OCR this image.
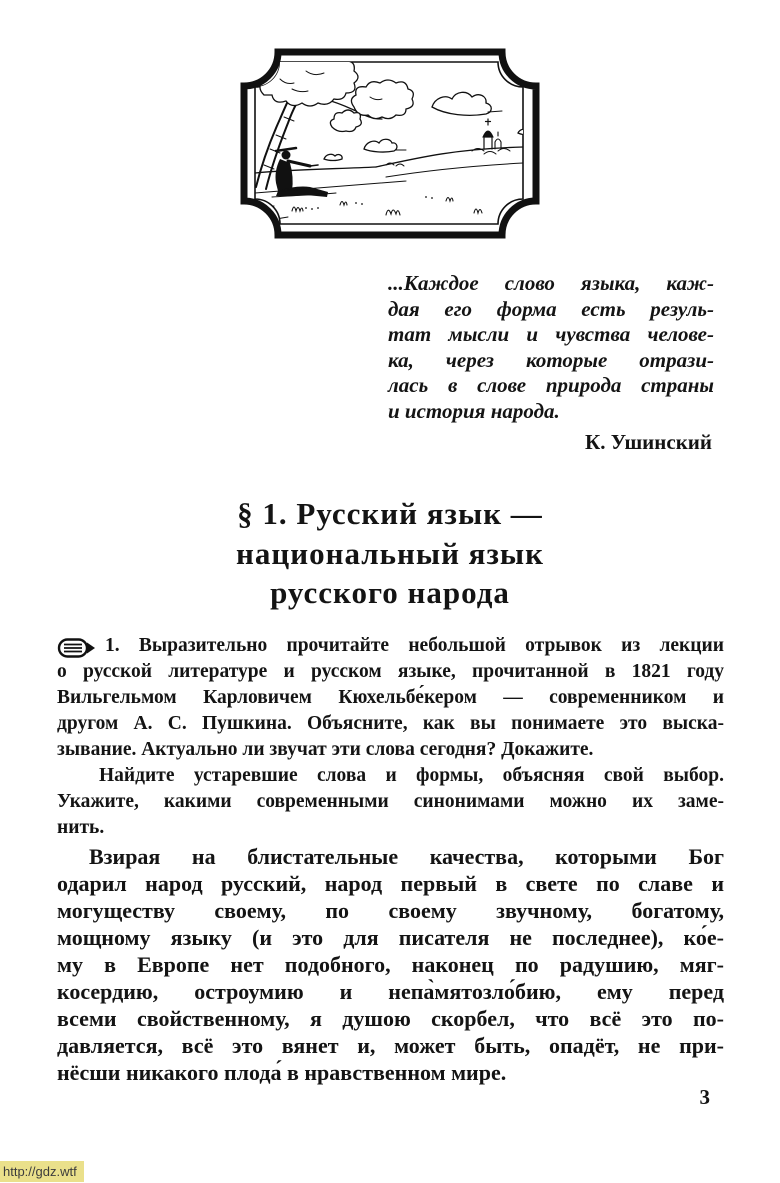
...Каждое слово языка, каж-
дая его форма есть резуль-
тат мысли и чувства челове-
ка, через которые отрази-
лась в слове природа страны
и история народа.
К. Ушинский
§ 1. Русский язык —
национальный язык
русского народа
1. Выразительно прочитайте небольшой отрывок из лекции
о русской литературе и русском языке, прочитанной в 1821 году
Вильгельмом Карловичем Кюхельбе́кером — современником и
другом А. С. Пушкина. Объясните, как вы понимаете это выска-
зывание. Актуально ли звучат эти слова сегодня? Докажите.
Найдите устаревшие слова и формы, объясняя свой выбор.
Укажите, какими современными синонимами можно их заме-
нить.
Взирая на блистательные качества, которыми Бог
одарил народ русский, народ первый в свете по славе и
могуществу своему, по своему звучному, богатому,
мощному языку (и это для писателя не последнее), ко́е-
му в Европе нет подобного, наконец по радушию, мяг-
косердию, остроумию и непа̀мятозло́бию, ему перед
всеми свойственному, я душою скорбел, что всё это по-
давляется, всё это вянет и, может быть, опадёт, не при-
нёсши никакого плода́ в нравственном мире.
3
http://gdz.wtf
